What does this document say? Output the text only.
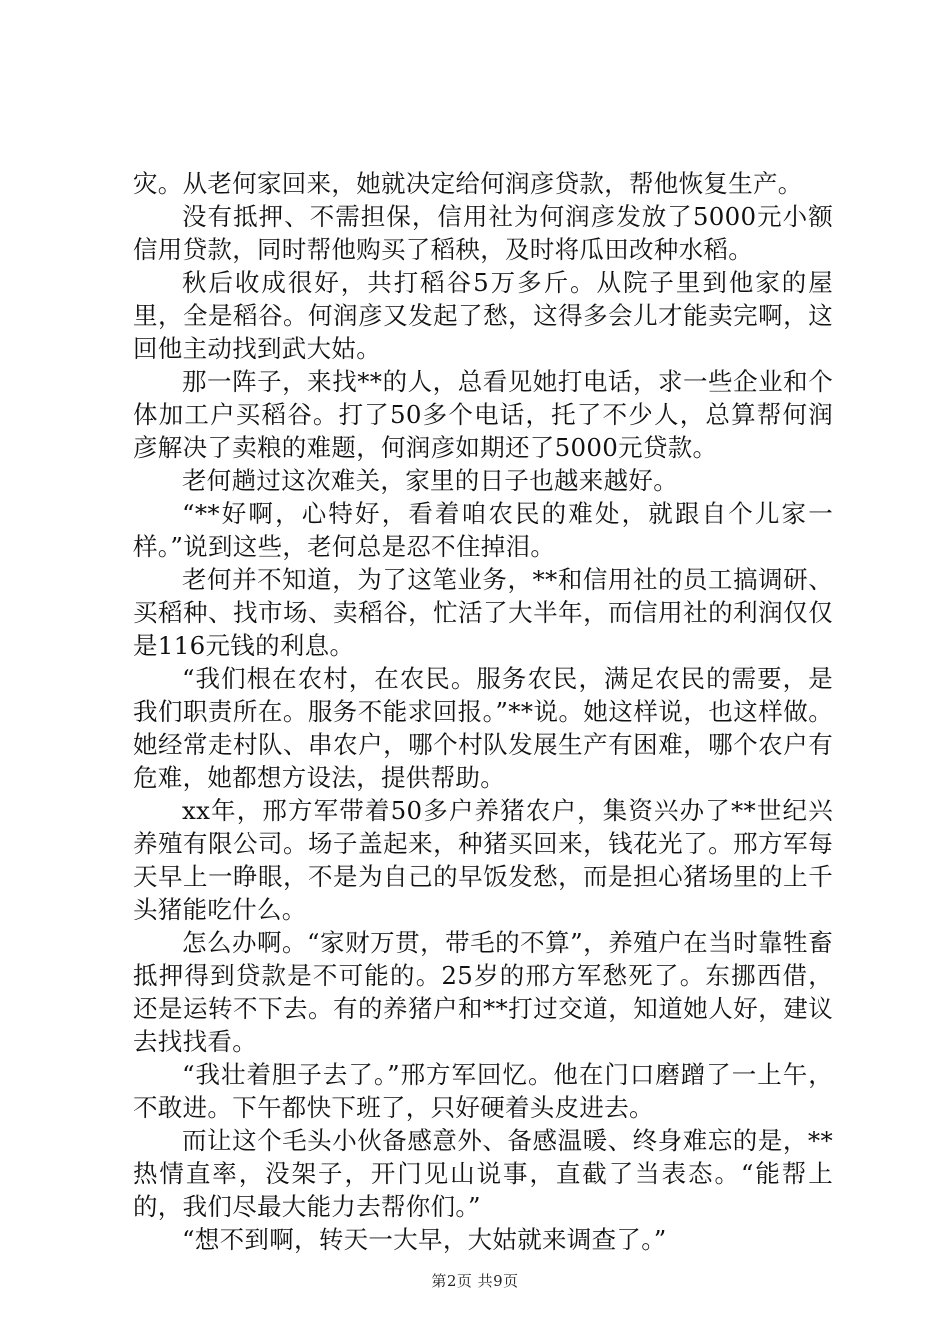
灾。从老何家回来，她就决定给何润彦贷款，帮他恢复生产。

没有抵押、不需担保，信用社为何润彦发放了5000元小额信用贷款，同时帮他购买了稻秧，及时将瓜田改种水稻。

秋后收成很好，共打稻谷5万多斤。从院子里到他家的屋里，全是稻谷。何润彦又发起了愁，这得多会儿才能卖完啊，这回他主动找到武大姑。

那一阵子，来找**的人，总看见她打电话，求一些企业和个体加工户买稻谷。打了50多个电话，托了不少人，总算帮何润彦解决了卖粮的难题，何润彦如期还了5000元贷款。

老何趟过这次难关，家里的日子也越来越好。

“**好啊，心特好，看着咱农民的难处，就跟自个儿家一样。”说到这些，老何总是忍不住掉泪。

老何并不知道，为了这笔业务，**和信用社的员工搞调研、买稻种、找市场、卖稻谷，忙活了大半年，而信用社的利润仅仅是116元钱的利息。

“我们根在农村，在农民。服务农民，满足农民的需要，是我们职责所在。服务不能求回报。”**说。她这样说，也这样做。她经常走村队、串农户，哪个村队发展生产有困难，哪个农户有危难，她都想方设法，提供帮助。

xx年，邢方军带着50多户养猪农户，集资兴办了**世纪兴养殖有限公司。场子盖起来，种猪买回来，钱花光了。邢方军每天早上一睁眼，不是为自己的早饭发愁，而是担心猪场里的上千头猪能吃什么。

怎么办啊。“家财万贯，带毛的不算”，养殖户在当时靠牲畜抵押得到贷款是不可能的。25岁的邢方军愁死了。东挪西借，还是运转不下去。有的养猪户和**打过交道，知道她人好，建议去找找看。

“我壮着胆子去了。”邢方军回忆。他在门口磨蹭了一上午，不敢进。下午都快下班了，只好硬着头皮进去。

而让这个毛头小伙备感意外、备感温暖、终身难忘的是，**热情直率，没架子，开门见山说事，直截了当表态。“能帮上的，我们尽最大能力去帮你们。”

“想不到啊，转天一大早，大姑就来调查了。”

第2页 共9页
